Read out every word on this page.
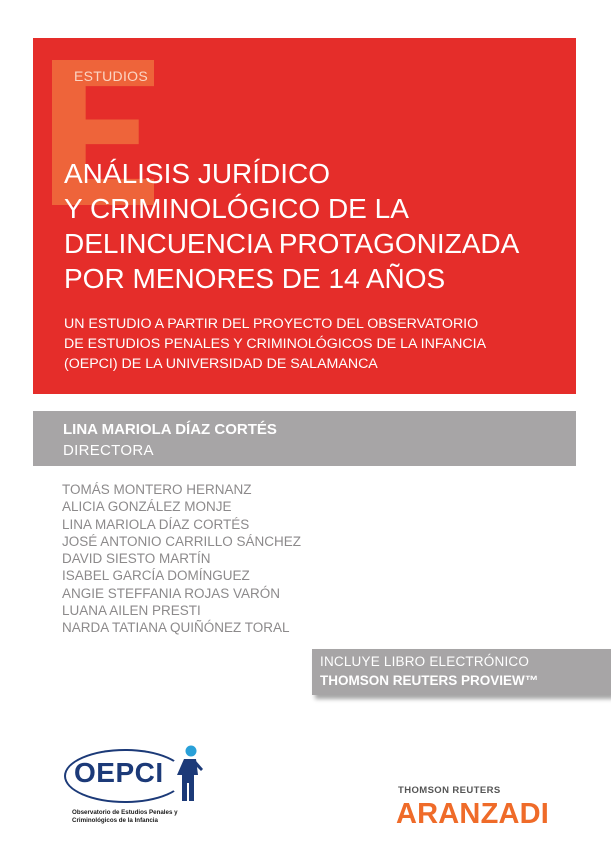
ESTUDIOS
ANÁLISIS JURÍDICO
Y CRIMINOLÓGICO DE LA
DELINCUENCIA PROTAGONIZADA
POR MENORES DE 14 AÑOS

UN ESTUDIO A PARTIR DEL PROYECTO DEL OBSERVATORIO
DE ESTUDIOS PENALES Y CRIMINOLÓGICOS DE LA INFANCIA
(OEPCI) DE LA UNIVERSIDAD DE SALAMANCA

LINA MARIOLA DÍAZ CORTÉS
DIRECTORA
TOMÁS MONTERO HERNANZ
ALICIA GONZÁLEZ MONJE
LINA MARIOLA DÍAZ CORTÉS
JOSÉ ANTONIO CARRILLO SÁNCHEZ
DAVID SIESTO MARTÍN
ISABEL GARCÍA DOMÍNGUEZ
ANGIE STEFFANIA ROJAS VARÓN
LUANA AILEN PRESTI
NARDA TATIANA QUIÑÓNEZ TORAL
INCLUYE LIBRO ELECTRÓNICO
THOMSON REUTERS PROVIEW™
OEPCI
Observatorio de Estudios Penales y
Criminológicos de la Infancia
THOMSON REUTERS
ARANZADI
